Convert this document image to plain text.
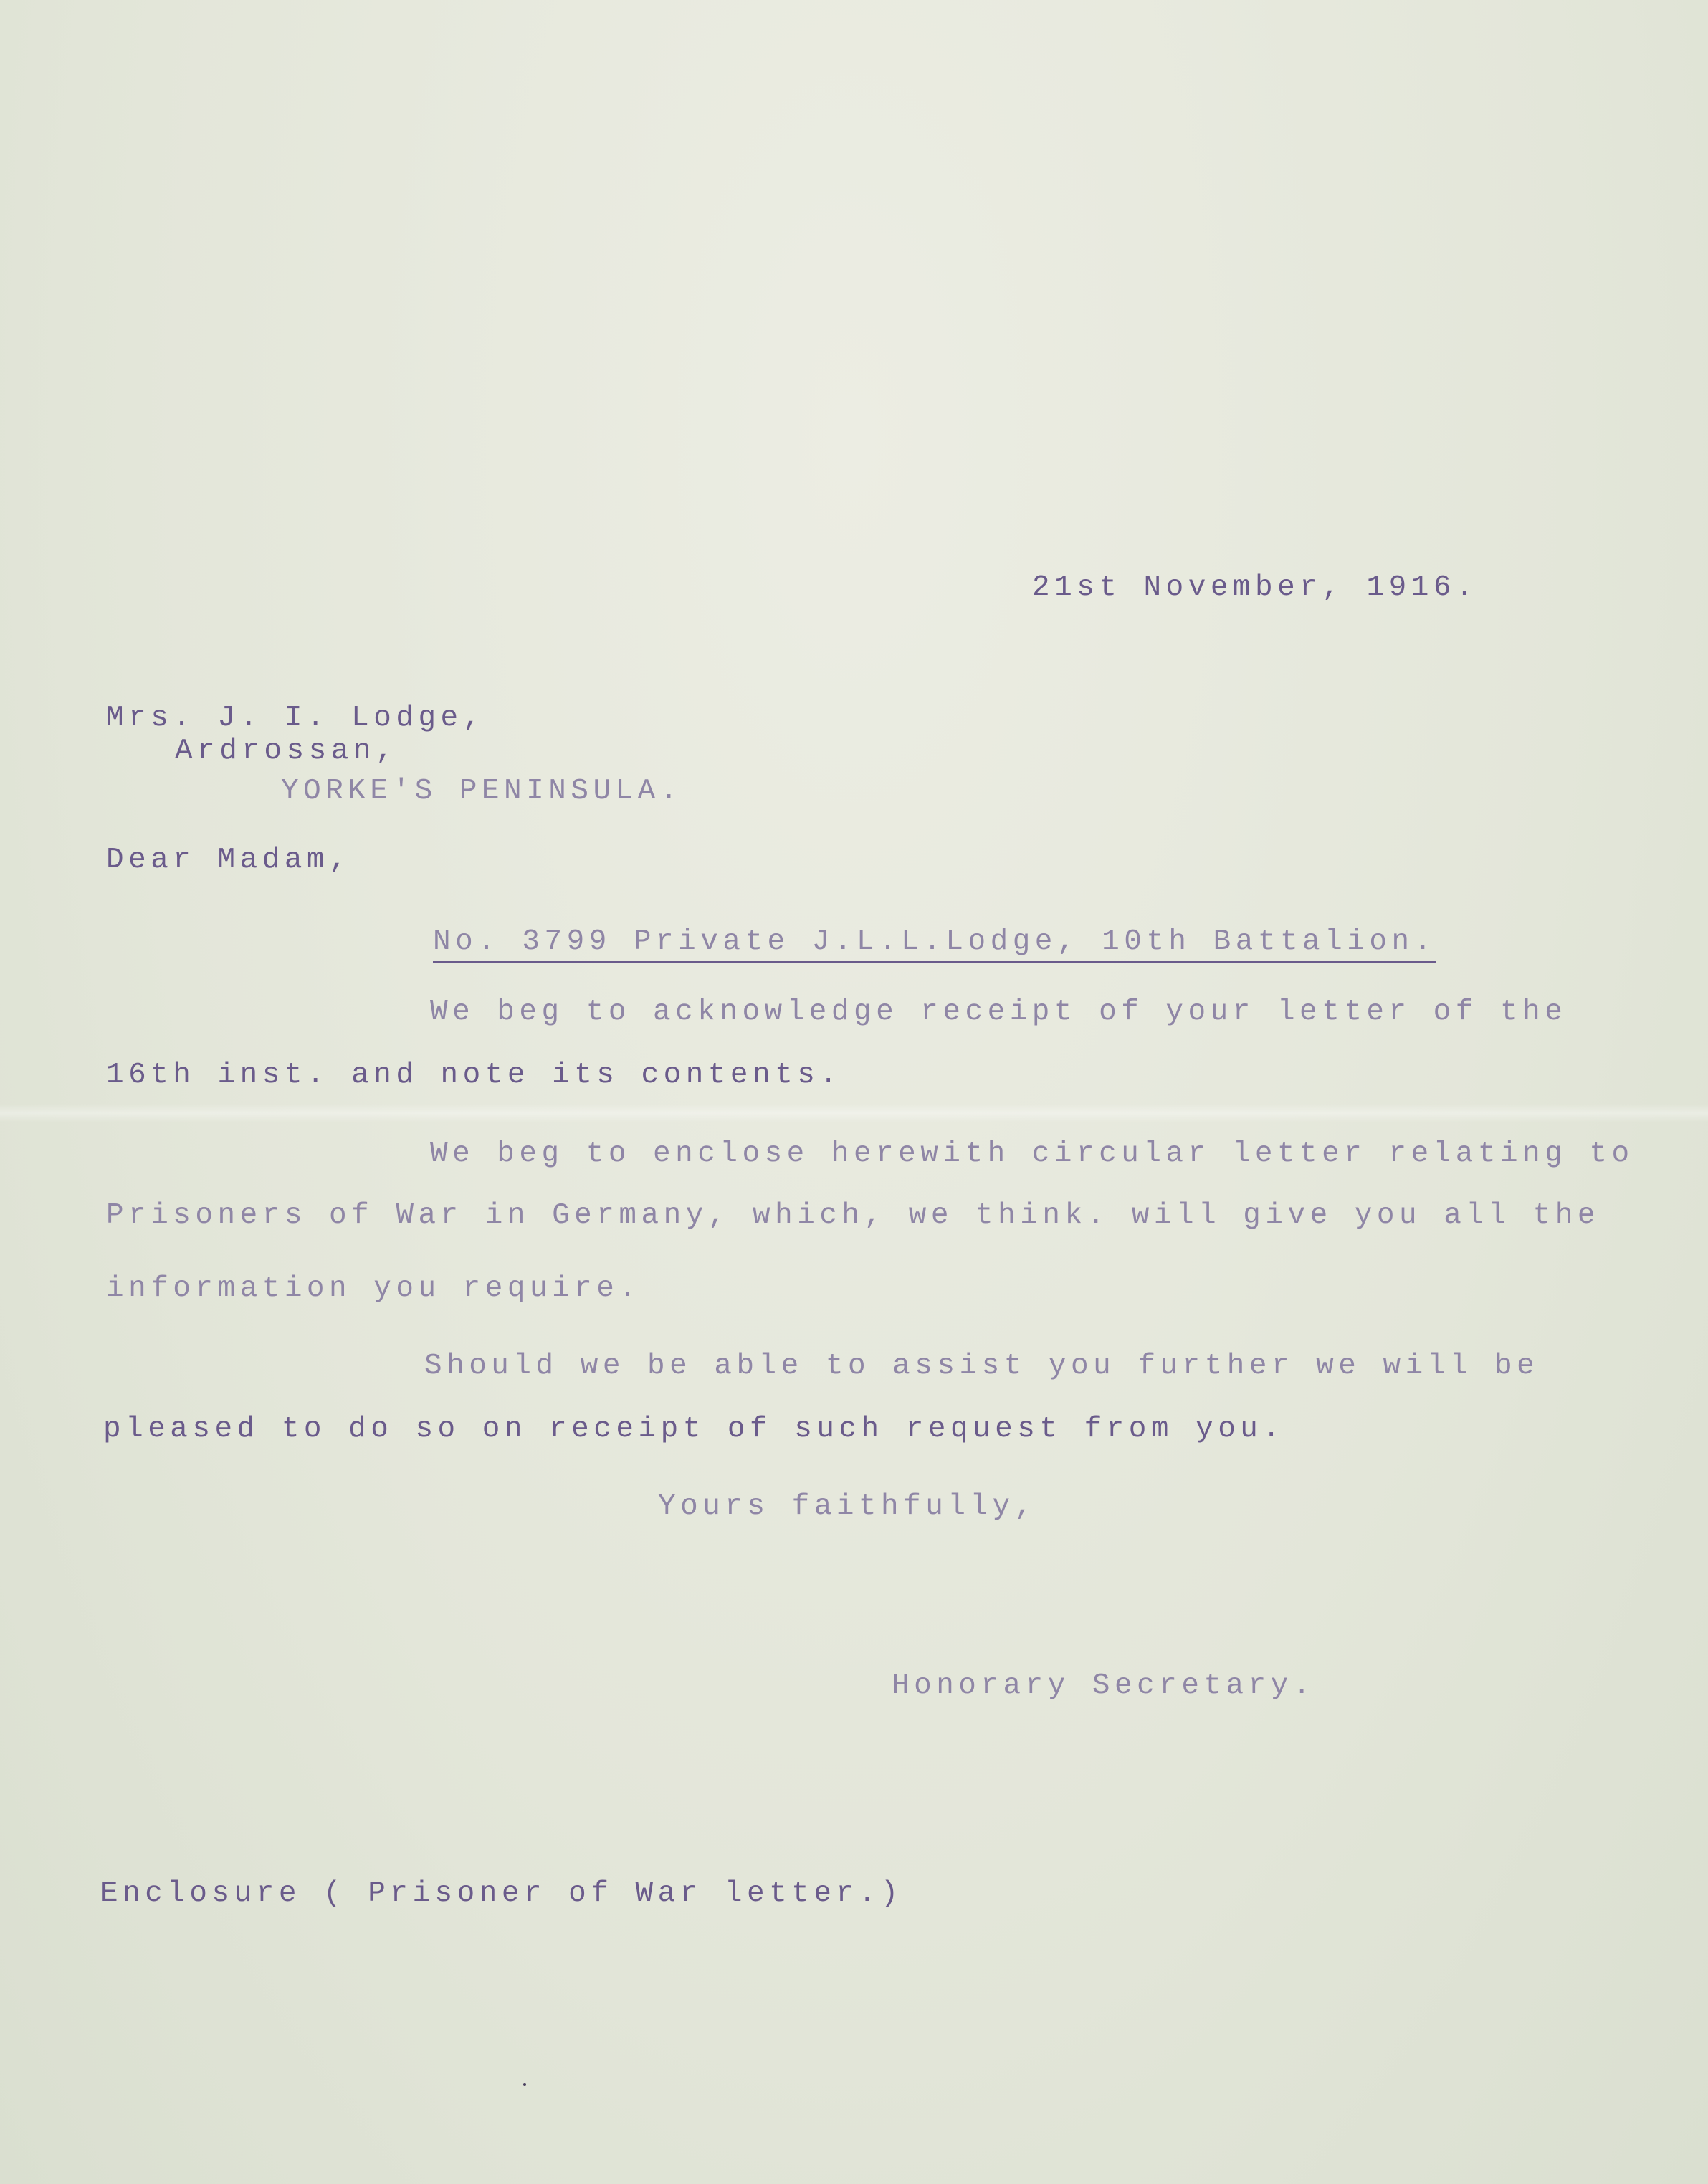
21st November, 1916.
Mrs. J. I. Lodge,
Ardrossan,
YORKE'S PENINSULA.
Dear Madam,
No. 3799 Private J.L.L.Lodge, 10th Battalion.
We beg to acknowledge receipt of your letter of the
16th inst. and note its contents.
We beg to enclose herewith circular letter relating to
Prisoners of War in Germany, which, we think. will give you all the
information you require.
Should we be able to assist you further we will be
pleased to do so on receipt of such request from you.
Yours faithfully,
Honorary Secretary.
Enclosure ( Prisoner of War letter.)
